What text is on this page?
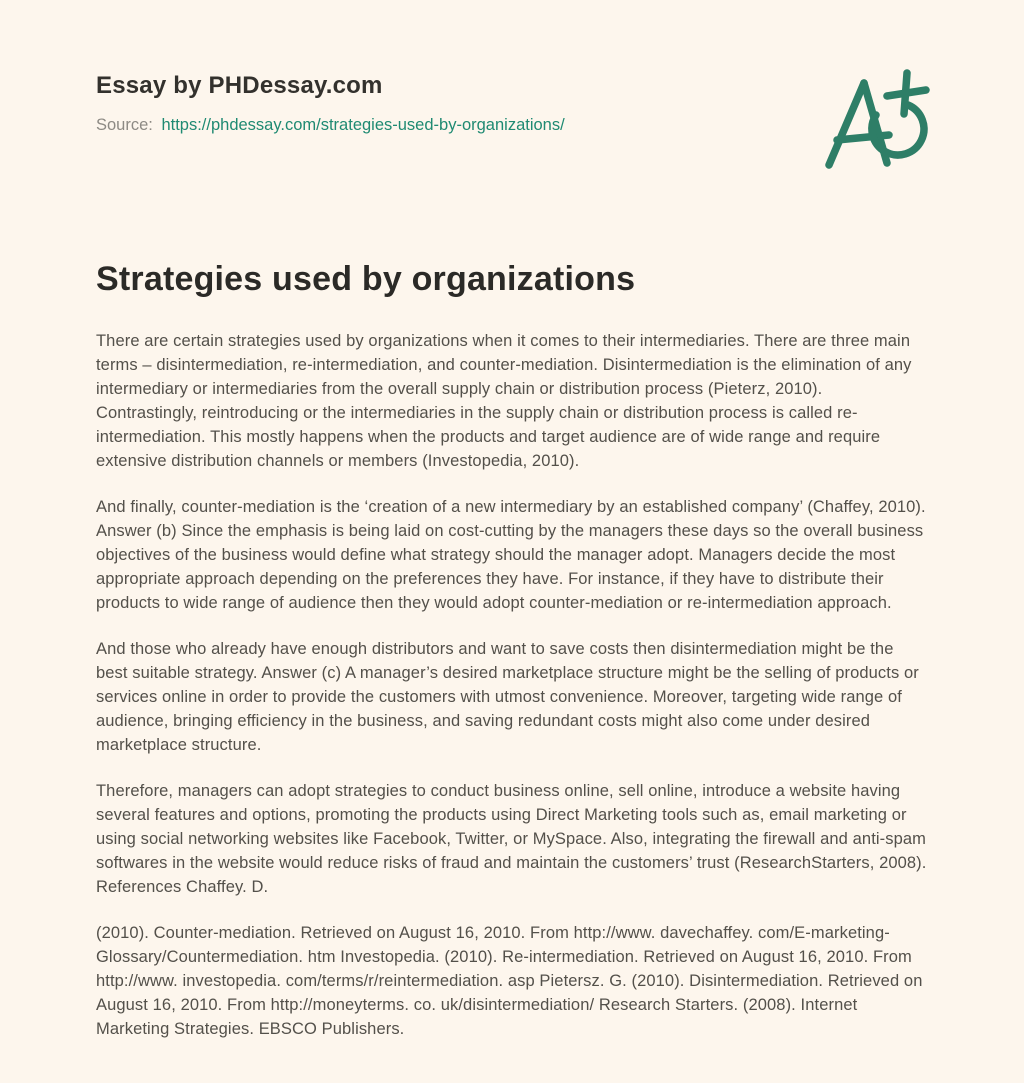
Essay by PHDessay.com
Source: https://phdessay.com/strategies-used-by-organizations/
Strategies used by organizations

There are certain strategies used by organizations when it comes to their intermediaries. There are three main terms – disintermediation, re-intermediation, and counter-mediation. Disintermediation is the elimination of any intermediary or intermediaries from the overall supply chain or distribution process (Pieterz, 2010). Contrastingly, reintroducing or the intermediaries in the supply chain or distribution process is called re-intermediation. This mostly happens when the products and target audience are of wide range and require extensive distribution channels or members (Investopedia, 2010).

And finally, counter-mediation is the ‘creation of a new intermediary by an established company’ (Chaffey, 2010). Answer (b) Since the emphasis is being laid on cost-cutting by the managers these days so the overall business objectives of the business would define what strategy should the manager adopt. Managers decide the most appropriate approach depending on the preferences they have. For instance, if they have to distribute their products to wide range of audience then they would adopt counter-mediation or re-intermediation approach.

And those who already have enough distributors and want to save costs then disintermediation might be the best suitable strategy. Answer (c) A manager’s desired marketplace structure might be the selling of products or services online in order to provide the customers with utmost convenience. Moreover, targeting wide range of audience, bringing efficiency in the business, and saving redundant costs might also come under desired marketplace structure.

Therefore, managers can adopt strategies to conduct business online, sell online, introduce a website having several features and options, promoting the products using Direct Marketing tools such as, email marketing or using social networking websites like Facebook, Twitter, or MySpace. Also, integrating the firewall and anti-spam softwares in the website would reduce risks of fraud and maintain the customers’ trust (ResearchStarters, 2008). References Chaffey. D.

(2010). Counter-mediation. Retrieved on August 16, 2010. From http://www. davechaffey. com/E-marketing-Glossary/Countermediation. htm Investopedia. (2010). Re-intermediation. Retrieved on August 16, 2010. From http://www. investopedia. com/terms/r/reintermediation. asp Pietersz. G. (2010). Disintermediation. Retrieved on August 16, 2010. From http://moneyterms. co. uk/disintermediation/ Research Starters. (2008). Internet Marketing Strategies. EBSCO Publishers.
